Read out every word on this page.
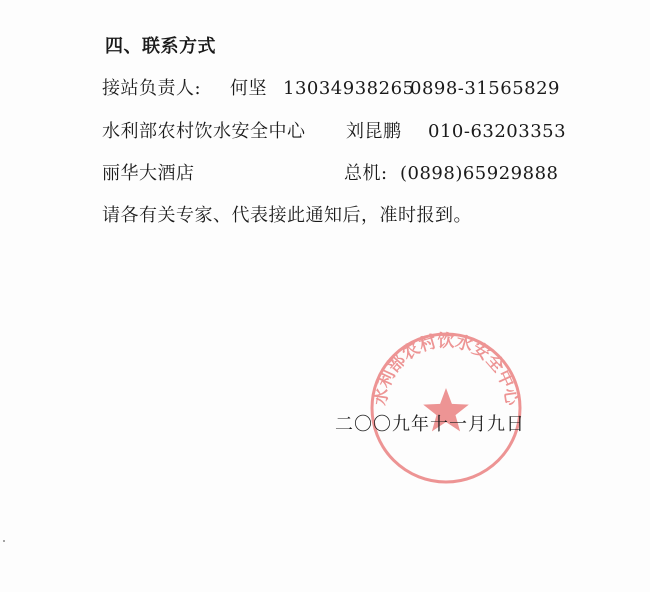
四、联系方式
接站负责人: 何坚 13034938265
0898-31565829
水利部农村饮水安全中心 刘昆鹏 010-63203353
丽华大酒店	总机: (0898)65929888
请各有关专家、代表接此通知后，准时报到。
水利部农村饮水安全中心
二〇〇九年十一月九日
